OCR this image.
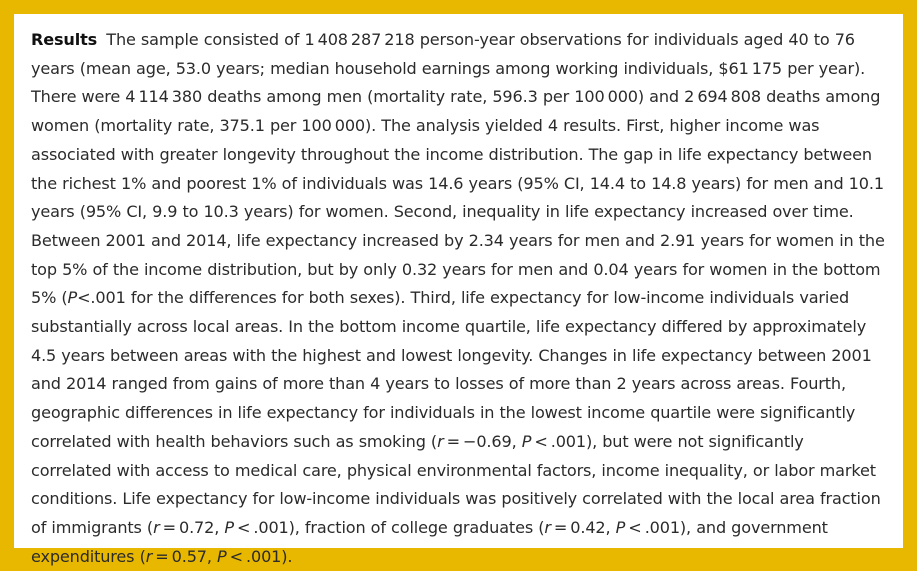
Results The sample consisted of 1 408 287 218 person-year observations for individuals aged 40 to 76 years (mean age, 53.0 years; median household earnings among working individuals, $61 175 per year). There were 4 114 380 deaths among men (mortality rate, 596.3 per 100 000) and 2 694 808 deaths among women (mortality rate, 375.1 per 100 000). The analysis yielded 4 results. First, higher income was associated with greater longevity throughout the income distribution. The gap in life expectancy between the richest 1% and poorest 1% of individuals was 14.6 years (95% CI, 14.4 to 14.8 years) for men and 10.1 years (95% CI, 9.9 to 10.3 years) for women. Second, inequality in life expectancy increased over time. Between 2001 and 2014, life expectancy increased by 2.34 years for men and 2.91 years for women in the top 5% of the income distribution, but by only 0.32 years for men and 0.04 years for women in the bottom 5% (P<.001 for the differences for both sexes). Third, life expectancy for low-income individuals varied substantially across local areas. In the bottom income quartile, life expectancy differed by approximately 4.5 years between areas with the highest and lowest longevity. Changes in life expectancy between 2001 and 2014 ranged from gains of more than 4 years to losses of more than 2 years across areas. Fourth, geographic differences in life expectancy for individuals in the lowest income quartile were significantly correlated with health behaviors such as smoking (r = −0.69, P < .001), but were not significantly correlated with access to medical care, physical environmental factors, income inequality, or labor market conditions. Life expectancy for low-income individuals was positively correlated with the local area fraction of immigrants (r = 0.72, P < .001), fraction of college graduates (r = 0.42, P < .001), and government expenditures (r = 0.57, P < .001).
